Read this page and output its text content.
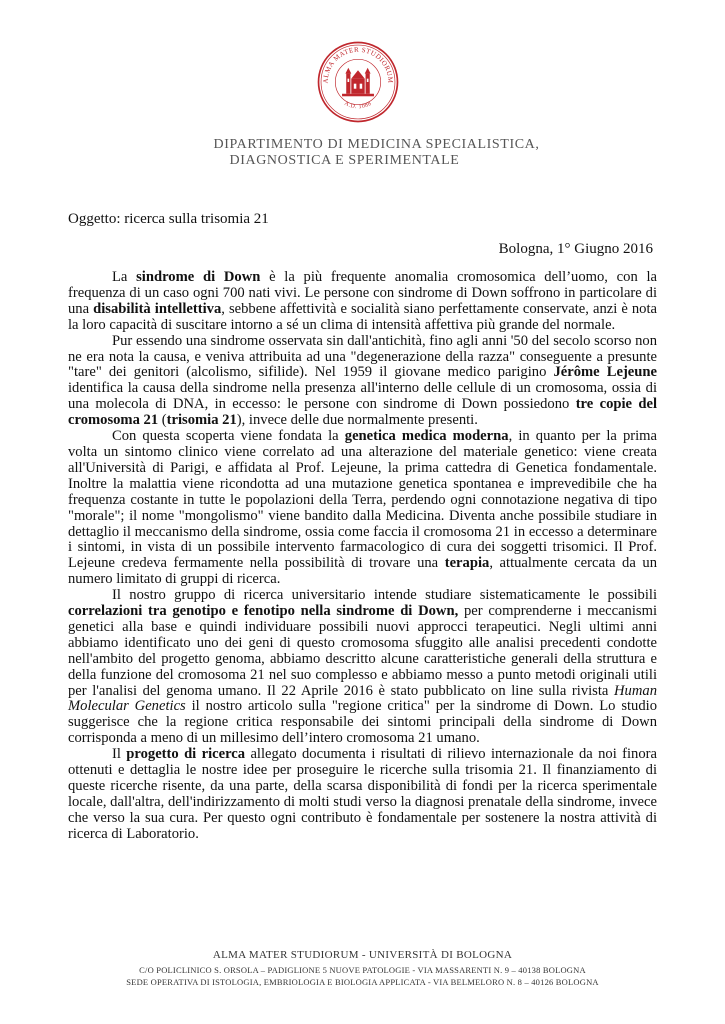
ALMA MATER STUDIORUM
A.D. 1088
DIPARTIMENTO DI MEDICINA SPECIALISTICA,
DIAGNOSTICA E SPERIMENTALE
Oggetto: ricerca sulla trisomia 21
Bologna, 1° Giugno 2016

La sindrome di Down è la più frequente anomalia cromosomica dell’uomo, con la frequenza di un caso ogni 700 nati vivi. Le persone con sindrome di Down soffrono in particolare di una disabilità intellettiva, sebbene affettività e socialità siano perfettamente conservate, anzi è nota la loro capacità di suscitare intorno a sé un clima di intensità affettiva più grande del normale.

Pur essendo una sindrome osservata sin dall'antichità, fino agli anni '50 del secolo scorso non ne era nota la causa, e veniva attribuita ad una "degenerazione della razza" conseguente a presunte "tare" dei genitori (alcolismo, sifilide). Nel 1959 il giovane medico parigino Jérôme Lejeune identifica la causa della sindrome nella presenza all'interno delle cellule di un cromosoma, ossia di una molecola di DNA, in eccesso: le persone con sindrome di Down possiedono tre copie del cromosoma 21 (trisomia 21), invece delle due normalmente presenti.

Con questa scoperta viene fondata la genetica medica moderna, in quanto per la prima volta un sintomo clinico viene correlato ad una alterazione del materiale genetico: viene creata all'Università di Parigi, e affidata al Prof. Lejeune, la prima cattedra di Genetica fondamentale. Inoltre la malattia viene ricondotta ad una mutazione genetica spontanea e imprevedibile che ha frequenza costante in tutte le popolazioni della Terra, perdendo ogni connotazione negativa di tipo "morale"; il nome "mongolismo" viene bandito dalla Medicina. Diventa anche possibile studiare in dettaglio il meccanismo della sindrome, ossia come faccia il cromosoma 21 in eccesso a determinare i sintomi, in vista di un possibile intervento farmacologico di cura dei soggetti trisomici. Il Prof. Lejeune credeva fermamente nella possibilità di trovare una terapia, attualmente cercata da un numero limitato di gruppi di ricerca.

Il nostro gruppo di ricerca universitario intende studiare sistematicamente le possibili correlazioni tra genotipo e fenotipo nella sindrome di Down, per comprenderne i meccanismi genetici alla base e quindi individuare possibili nuovi approcci terapeutici. Negli ultimi anni abbiamo identificato uno dei geni di questo cromosoma sfuggito alle analisi precedenti condotte nell'ambito del progetto genoma, abbiamo descritto alcune caratteristiche generali della struttura e della funzione del cromosoma 21 nel suo complesso e abbiamo messo a punto metodi originali utili per l'analisi del genoma umano. Il 22 Aprile 2016 è stato pubblicato on line sulla rivista Human Molecular Genetics il nostro articolo sulla "regione critica" per la sindrome di Down. Lo studio suggerisce che la regione critica responsabile dei sintomi principali della sindrome di Down corrisponda a meno di un millesimo dell’intero cromosoma 21 umano.

Il progetto di ricerca allegato documenta i risultati di rilievo internazionale da noi finora ottenuti e dettaglia le nostre idee per proseguire le ricerche sulla trisomia 21. Il finanziamento di queste ricerche risente, da una parte, della scarsa disponibilità di fondi per la ricerca sperimentale locale, dall'altra, dell'indirizzamento di molti studi verso la diagnosi prenatale della sindrome, invece che verso la sua cura. Per questo ogni contributo è fondamentale per sostenere la nostra attività di ricerca di Laboratorio.

ALMA MATER STUDIORUM - UNIVERSITÀ DI BOLOGNA
C/O POLICLINICO S. ORSOLA – PADIGLIONE 5 NUOVE PATOLOGIE - VIA MASSARENTI N. 9 – 40138 BOLOGNA
SEDE OPERATIVA DI ISTOLOGIA, EMBRIOLOGIA E BIOLOGIA APPLICATA - VIA BELMELORO N. 8 – 40126 BOLOGNA
